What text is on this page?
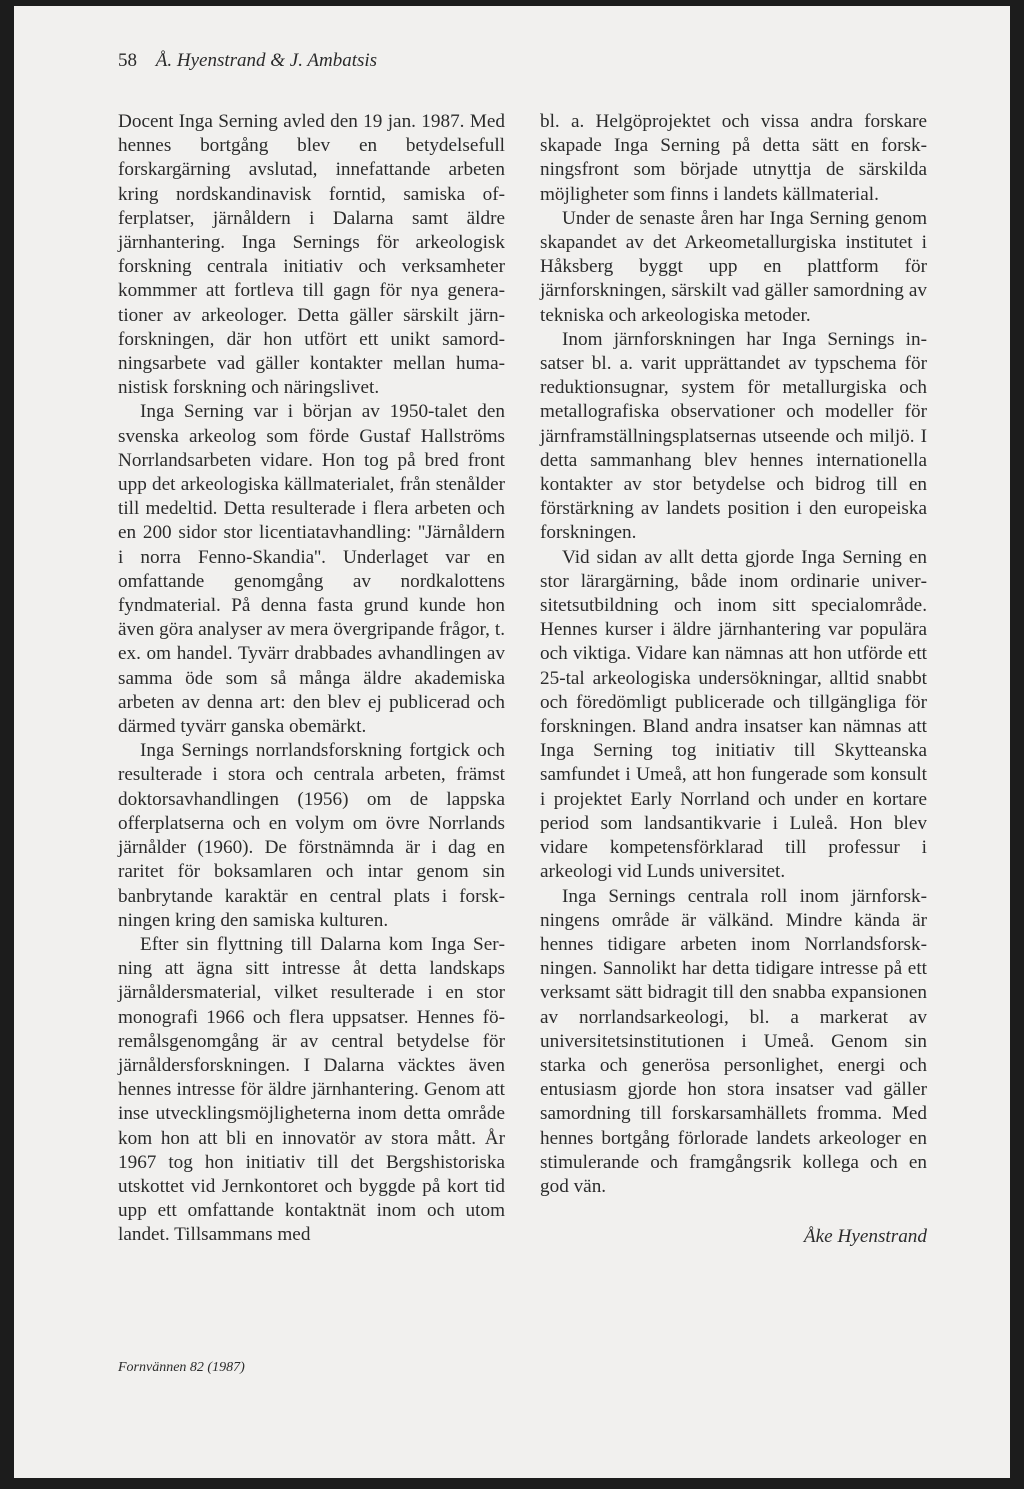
58 Å. Hyenstrand & J. Ambatsis

Docent Inga Serning avled den 19 jan. 1987. Med hennes bortgång blev en betydelsefull forskargärning avslutad, innefattande arbeten kring nordskandinavisk forntid, samiska offerplatser, järnåldern i Dalarna samt äldre järnhantering. Inga Sernings för arkeologisk forskning centrala initiativ och verksamheter kommmer att fortleva till gagn för nya generationer av arkeologer. Detta gäller särskilt järnforskningen, där hon utfört ett unikt samordningsarbete vad gäller kontakter mellan humanistisk forskning och näringslivet.

Inga Serning var i början av 1950-talet den svenska arkeolog som förde Gustaf Hallströms Norrlandsarbeten vidare. Hon tog på bred front upp det arkeologiska källmaterialet, från stenålder till medeltid. Detta resulterade i flera arbeten och en 200 sidor stor licentiatavhandling: ''Järnåldern i norra Fenno-Skandia''. Underlaget var en omfattande genomgång av nordkalottens fyndmaterial. På denna fasta grund kunde hon även göra analyser av mera övergripande frågor, t. ex. om handel. Tyvärr drabbades avhandlingen av samma öde som så många äldre akademiska arbeten av denna art: den blev ej publicerad och därmed tyvärr ganska obemärkt.

Inga Sernings norrlandsforskning fortgick och resulterade i stora och centrala arbeten, främst doktorsavhandlingen (1956) om de lappska offerplatserna och en volym om övre Norrlands järnålder (1960). De förstnämnda är i dag en raritet för boksamlaren och intar genom sin banbrytande karaktär en central plats i forskningen kring den samiska kulturen.

Efter sin flyttning till Dalarna kom Inga Serning att ägna sitt intresse åt detta landskaps järnåldersmaterial, vilket resulterade i en stor monografi 1966 och flera uppsatser. Hennes föremålsgenomgång är av central betydelse för järnåldersforskningen. I Dalarna väcktes även hennes intresse för äldre järnhantering. Genom att inse utvecklingsmöjligheterna inom detta område kom hon att bli en innovatör av stora mått. År 1967 tog hon initiativ till det Bergshistoriska utskottet vid Jernkontoret och byggde på kort tid upp ett omfattande kontaktnät inom och utom landet. Tillsammans med

bl. a. Helgöprojektet och vissa andra forskare skapade Inga Serning på detta sätt en forskningsfront som började utnyttja de särskilda möjligheter som finns i landets källmaterial.

Under de senaste åren har Inga Serning genom skapandet av det Arkeometallurgiska institutet i Håksberg byggt upp en plattform för järnforskningen, särskilt vad gäller samordning av tekniska och arkeologiska metoder.

Inom järnforskningen har Inga Sernings insatser bl. a. varit upprättandet av typschema för reduktionsugnar, system för metallurgiska och metallografiska observationer och modeller för järnframställningsplatsernas utseende och miljö. I detta sammanhang blev hennes internationella kontakter av stor betydelse och bidrog till en förstärkning av landets position i den europeiska forskningen.

Vid sidan av allt detta gjorde Inga Serning en stor lärargärning, både inom ordinarie universitetsutbildning och inom sitt specialområde. Hennes kurser i äldre järnhantering var populära och viktiga. Vidare kan nämnas att hon utförde ett 25-tal arkeologiska undersökningar, alltid snabbt och föredömligt publicerade och tillgängliga för forskningen. Bland andra insatser kan nämnas att Inga Serning tog initiativ till Skytteanska samfundet i Umeå, att hon fungerade som konsult i projektet Early Norrland och under en kortare period som landsantikvarie i Luleå. Hon blev vidare kompetensförklarad till professur i arkeologi vid Lunds universitet.

Inga Sernings centrala roll inom järnforskningens område är välkänd. Mindre kända är hennes tidigare arbeten inom Norrlandsforskningen. Sannolikt har detta tidigare intresse på ett verksamt sätt bidragit till den snabba expansionen av norrlandsarkeologi, bl. a markerat av universitetsinstitutionen i Umeå. Genom sin starka och generösa personlighet, energi och entusiasm gjorde hon stora insatser vad gäller samordning till forskarsamhällets fromma. Med hennes bortgång förlorade landets arkeologer en stimulerande och framgångsrik kollega och en god vän.

Åke Hyenstrand

Fornvännen 82 (1987)
